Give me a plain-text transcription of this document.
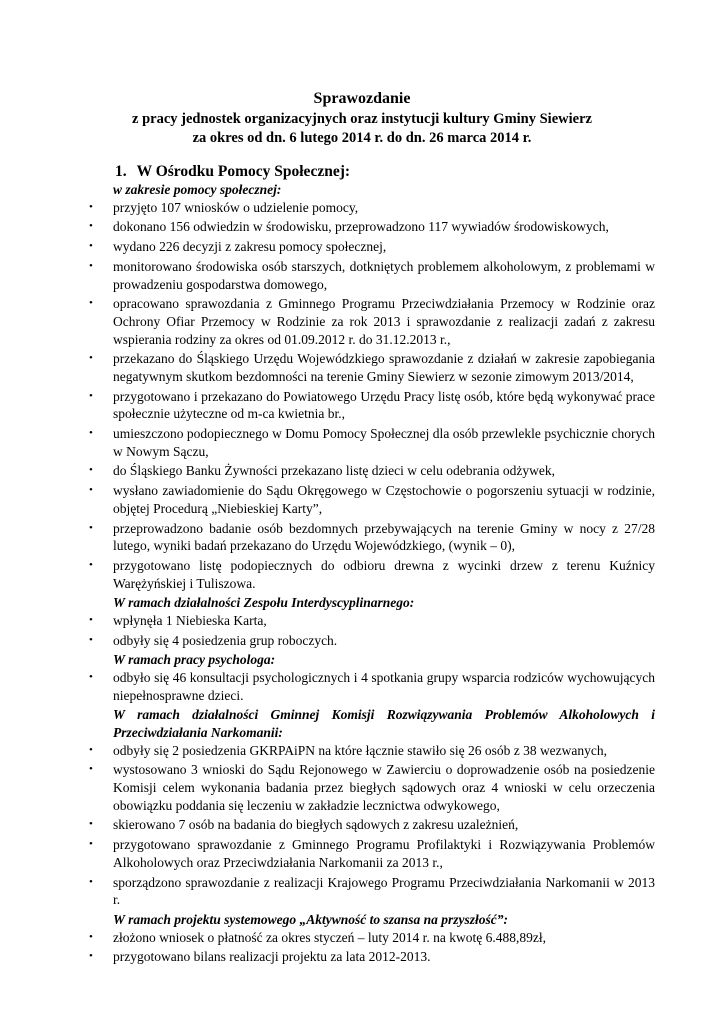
Sprawozdanie
z pracy jednostek organizacyjnych oraz instytucji kultury Gminy Siewierz
za okres od dn. 6 lutego 2014 r. do dn. 26 marca 2014 r.
1. W Ośrodku Pomocy Społecznej:
w zakresie pomocy społecznej:
•	przyjęto 107 wniosków o udzielenie pomocy,
•	dokonano 156 odwiedzin w środowisku, przeprowadzono 117 wywiadów środowiskowych,
•	wydano 226 decyzji z zakresu pomocy społecznej,
•	monitorowano środowiska osób starszych, dotkniętych problemem alkoholowym, z problemami w prowadzeniu gospodarstwa domowego,
•	opracowano sprawozdania z Gminnego Programu Przeciwdziałania Przemocy w Rodzinie oraz Ochrony Ofiar Przemocy w Rodzinie za rok 2013 i sprawozdanie z realizacji zadań z zakresu wspierania rodziny za okres od 01.09.2012 r. do 31.12.2013 r.,
•	przekazano do Śląskiego Urzędu Wojewódzkiego sprawozdanie z działań w zakresie zapobiegania negatywnym skutkom bezdomności na terenie Gminy Siewierz w sezonie zimowym 2013/2014,
•	przygotowano i przekazano do Powiatowego Urzędu Pracy listę osób, które będą wykonywać prace społecznie użyteczne od m-ca kwietnia br.,
•	umieszczono podopiecznego w Domu Pomocy Społecznej dla osób przewlekle psychicznie chorych w Nowym Sączu,
•	do Śląskiego Banku Żywności przekazano listę dzieci w celu odebrania odżywek,
•	wysłano zawiadomienie do Sądu Okręgowego w Częstochowie o pogorszeniu sytuacji w rodzinie, objętej Procedurą „Niebieskiej Karty”,
•	przeprowadzono badanie osób bezdomnych przebywających na terenie Gminy w nocy z 27/28 lutego, wyniki badań przekazano do Urzędu Wojewódzkiego, (wynik – 0),
•	przygotowano listę podopiecznych do odbioru drewna z wycinki drzew z terenu Kuźnicy Warężyńskiej i Tuliszowa.
W ramach działalności Zespołu Interdyscyplinarnego:
•	wpłynęła 1 Niebieska Karta,
•	odbyły się 4 posiedzenia grup roboczych.
W ramach pracy psychologa:
•	odbyło się 46 konsultacji psychologicznych i 4 spotkania grupy wsparcia rodziców wychowujących niepełnosprawne dzieci.
W ramach działalności Gminnej Komisji Rozwiązywania Problemów Alkoholowych i Przeciwdziałania Narkomanii:
•	odbyły się 2 posiedzenia GKRPAiPN na które łącznie stawiło się 26 osób z 38 wezwanych,
•	wystosowano 3 wnioski do Sądu Rejonowego w Zawierciu o doprowadzenie osób na posiedzenie Komisji celem wykonania badania przez biegłych sądowych oraz 4 wnioski w celu orzeczenia obowiązku poddania się leczeniu w zakładzie lecznictwa odwykowego,
•	skierowano 7 osób na badania do biegłych sądowych z zakresu uzależnień,
•	przygotowano sprawozdanie z Gminnego Programu Profilaktyki i Rozwiązywania Problemów Alkoholowych oraz Przeciwdziałania Narkomanii za 2013 r.,
•	sporządzono sprawozdanie z realizacji Krajowego Programu Przeciwdziałania Narkomanii w 2013 r.
W ramach projektu systemowego „Aktywność to szansa na przyszłość”:
•	złożono wniosek o płatność za okres styczeń – luty 2014 r. na kwotę 6.488,89zł,
•	przygotowano bilans realizacji projektu za lata 2012-2013.
